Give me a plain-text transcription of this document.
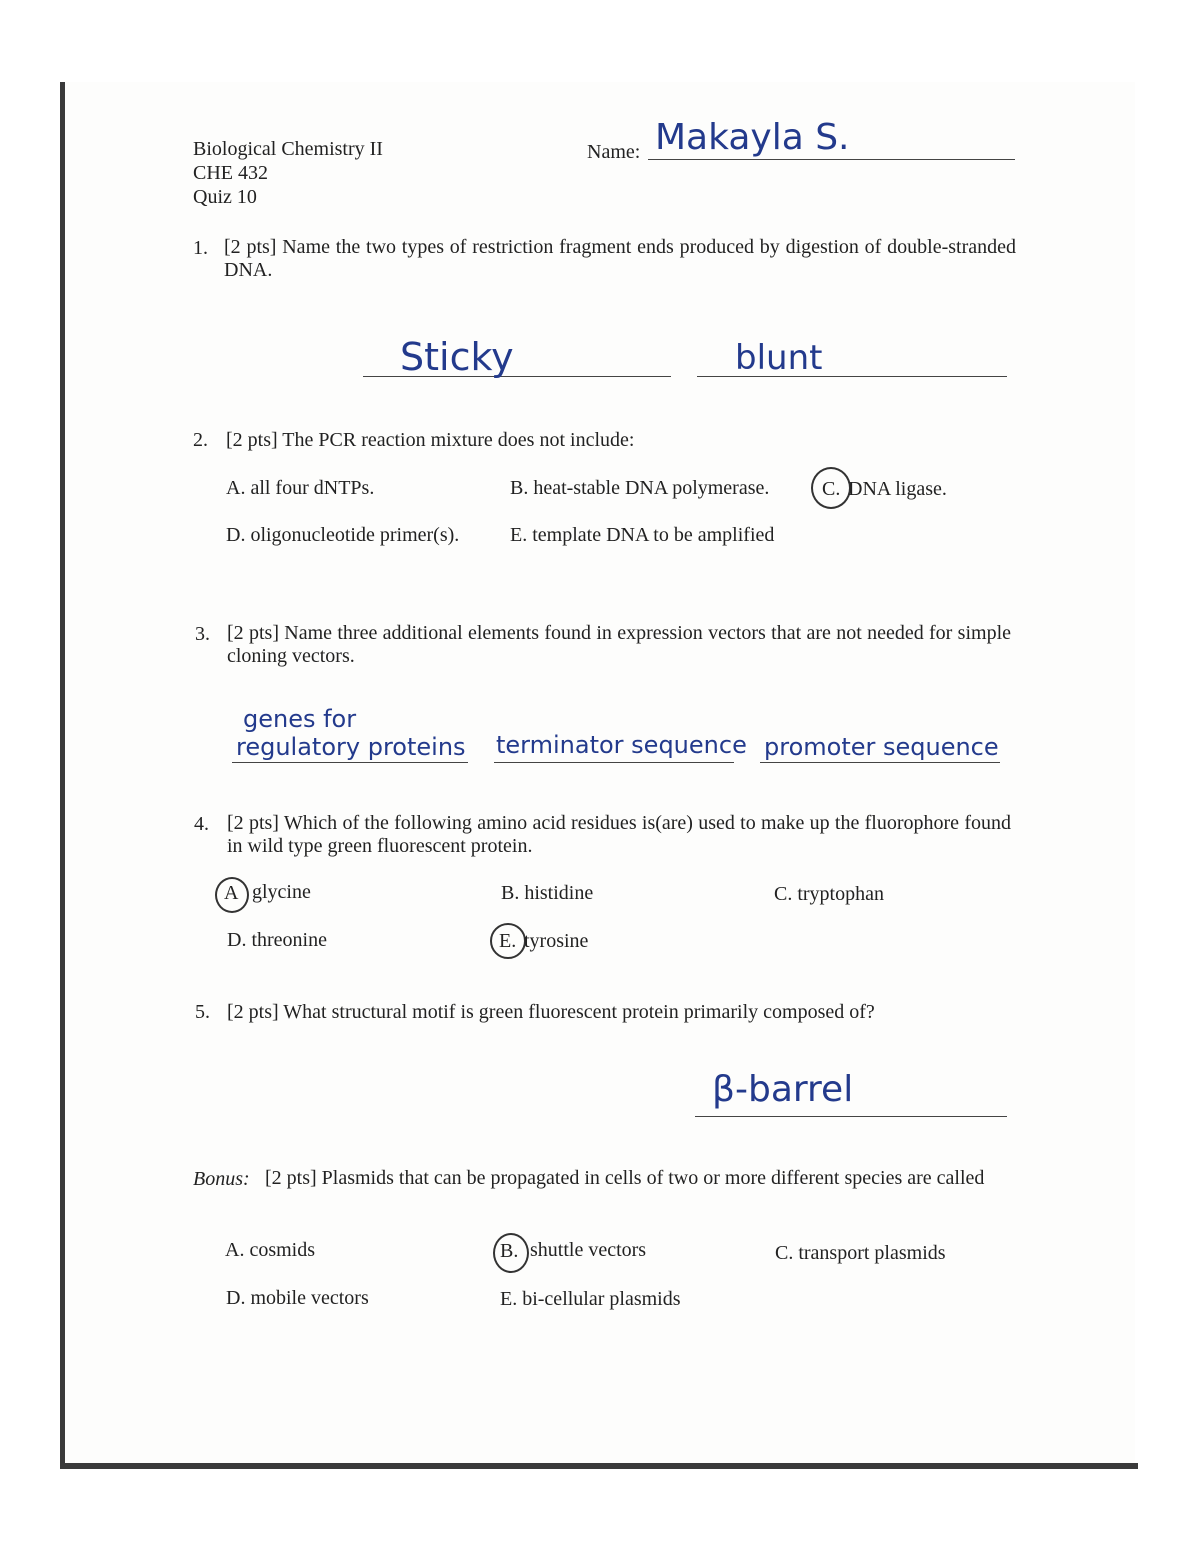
Biological Chemistry II
CHE 432
Quiz 10
Name: Makayla S.
1. [2 pts] Name the two types of restriction fragment ends produced by digestion of double-stranded DNA.
Sticky	blunt
2. [2 pts] The PCR reaction mixture does not include:
A. all four dNTPs.	B. heat-stable DNA polymerase.	C. DNA ligase.
D. oligonucleotide primer(s).	E. template DNA to be amplified
3. [2 pts] Name three additional elements found in expression vectors that are not needed for simple cloning vectors.
genes for
regulatory proteins terminator sequence promoter sequence
4. [2 pts] Which of the following amino acid residues is(are) used to make up the fluorophore found in wild type green fluorescent protein.
A glycine	B. histidine	C. tryptophan
D. threonine	E. tyrosine
5. [2 pts] What structural motif is green fluorescent protein primarily composed of?
β-barrel
Bonus: [2 pts] Plasmids that can be propagated in cells of two or more different species are called
A. cosmids	B. shuttle vectors	C. transport plasmids
D. mobile vectors	E. bi-cellular plasmids
